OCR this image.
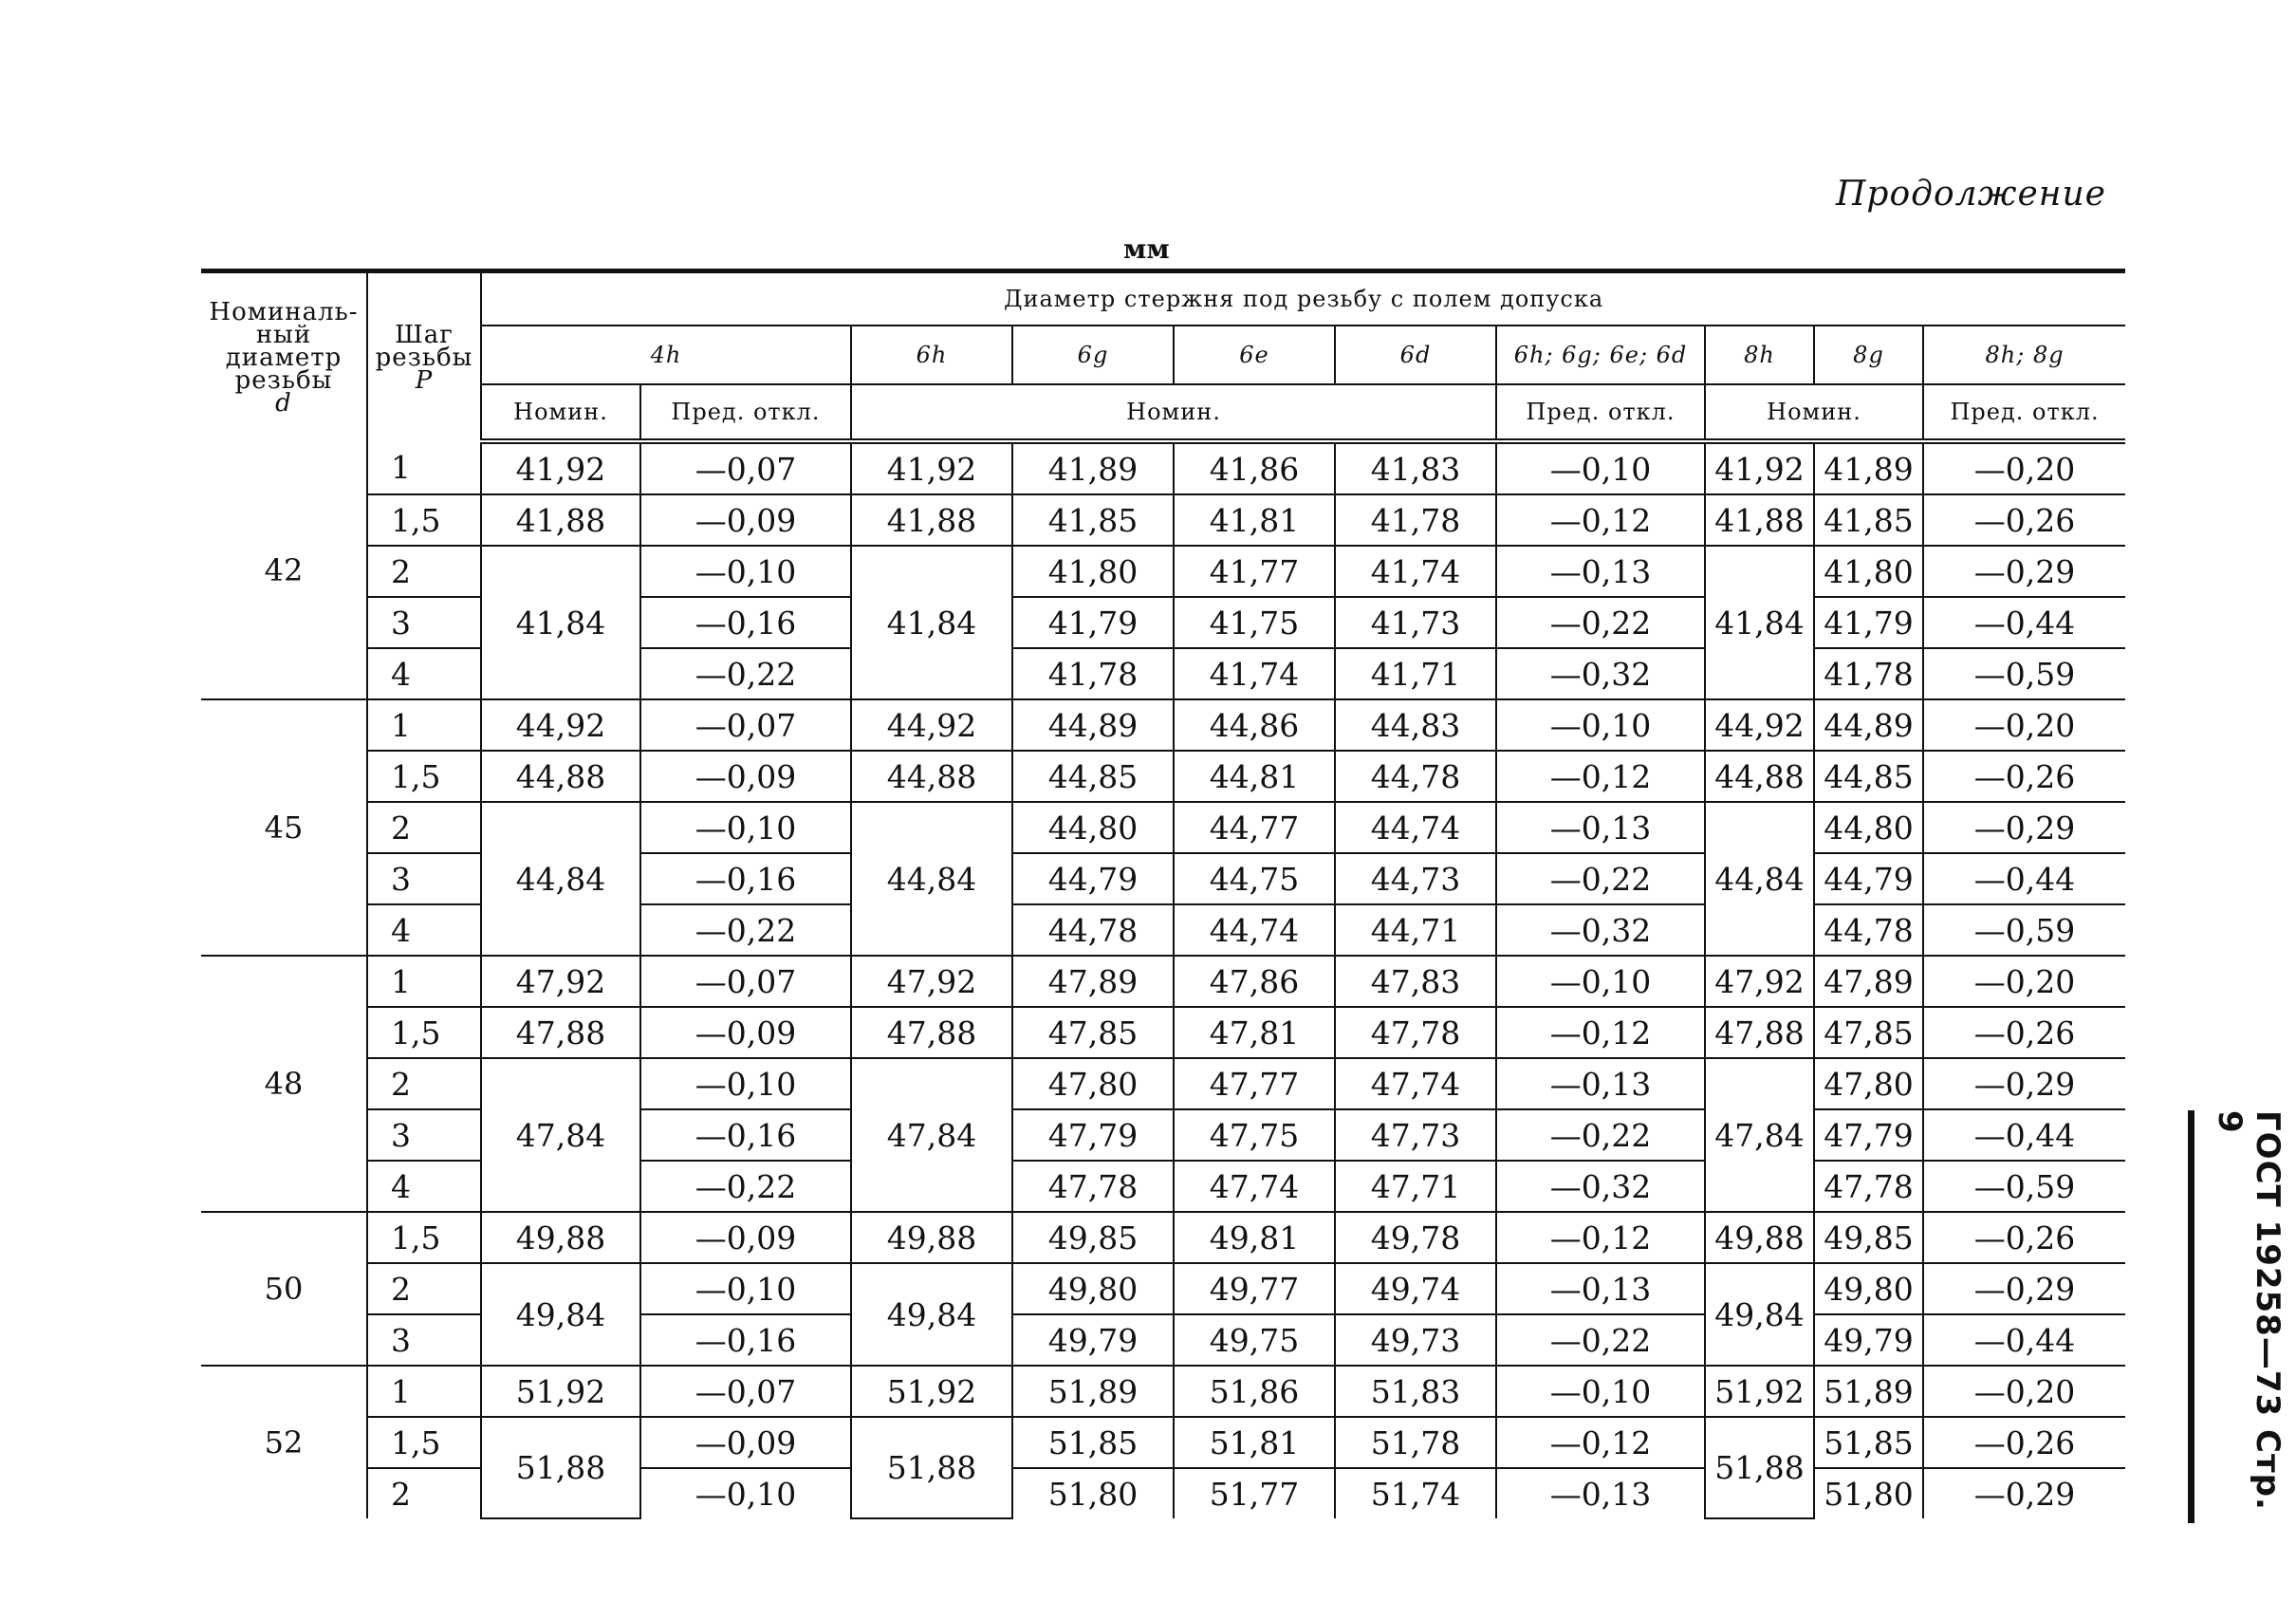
Продолжение
мм
Номиналь-
ный
диаметр
резьбы
d	Шаг
резьбы
P	Диаметр стержня под резьбу с полем допуска									
		4h		6h	6g	6e	6d	6h; 6g; 6e; 6d	8h	8g	8h; 8g
		Номин.	Пред. откл.	Номин.				Пред. откл.	Номин.		Пред. откл.
42	1	41,92	—0,07	41,92	41,89	41,86	41,83	—0,10	41,92	41,89	—0,20
	1,5	41,88	—0,09	41,88	41,85	41,81	41,78	—0,12	41,88	41,85	—0,26
	2	41,84	—0,10	41,84	41,80	41,77	41,74	—0,13	41,84	41,80	—0,29
	3		—0,16		41,79	41,75	41,73	—0,22		41,79	—0,44
	4		—0,22		41,78	41,74	41,71	—0,32		41,78	—0,59
45	1	44,92	—0,07	44,92	44,89	44,86	44,83	—0,10	44,92	44,89	—0,20
	1,5	44,88	—0,09	44,88	44,85	44,81	44,78	—0,12	44,88	44,85	—0,26
	2	44,84	—0,10	44,84	44,80	44,77	44,74	—0,13	44,84	44,80	—0,29
	3		—0,16		44,79	44,75	44,73	—0,22		44,79	—0,44
	4		—0,22		44,78	44,74	44,71	—0,32		44,78	—0,59
48	1	47,92	—0,07	47,92	47,89	47,86	47,83	—0,10	47,92	47,89	—0,20
	1,5	47,88	—0,09	47,88	47,85	47,81	47,78	—0,12	47,88	47,85	—0,26
	2	47,84	—0,10	47,84	47,80	47,77	47,74	—0,13	47,84	47,80	—0,29
	3		—0,16		47,79	47,75	47,73	—0,22		47,79	—0,44
	4		—0,22		47,78	47,74	47,71	—0,32		47,78	—0,59
50	1,5	49,88	—0,09	49,88	49,85	49,81	49,78	—0,12	49,88	49,85	—0,26
	2	49,84	—0,10	49,84	49,80	49,77	49,74	—0,13	49,84	49,80	—0,29
	3		—0,16		49,79	49,75	49,73	—0,22		49,79	—0,44
52	1	51,92	—0,07	51,92	51,89	51,86	51,83	—0,10	51,92	51,89	—0,20
	1,5	51,88	—0,09	51,88	51,85	51,81	51,78	—0,12	51,88	51,85	—0,26
	2		—0,10		51,80	51,77	51,74	—0,13		51,80	—0,29	ГОСТ 19258—73 Стр. 9
